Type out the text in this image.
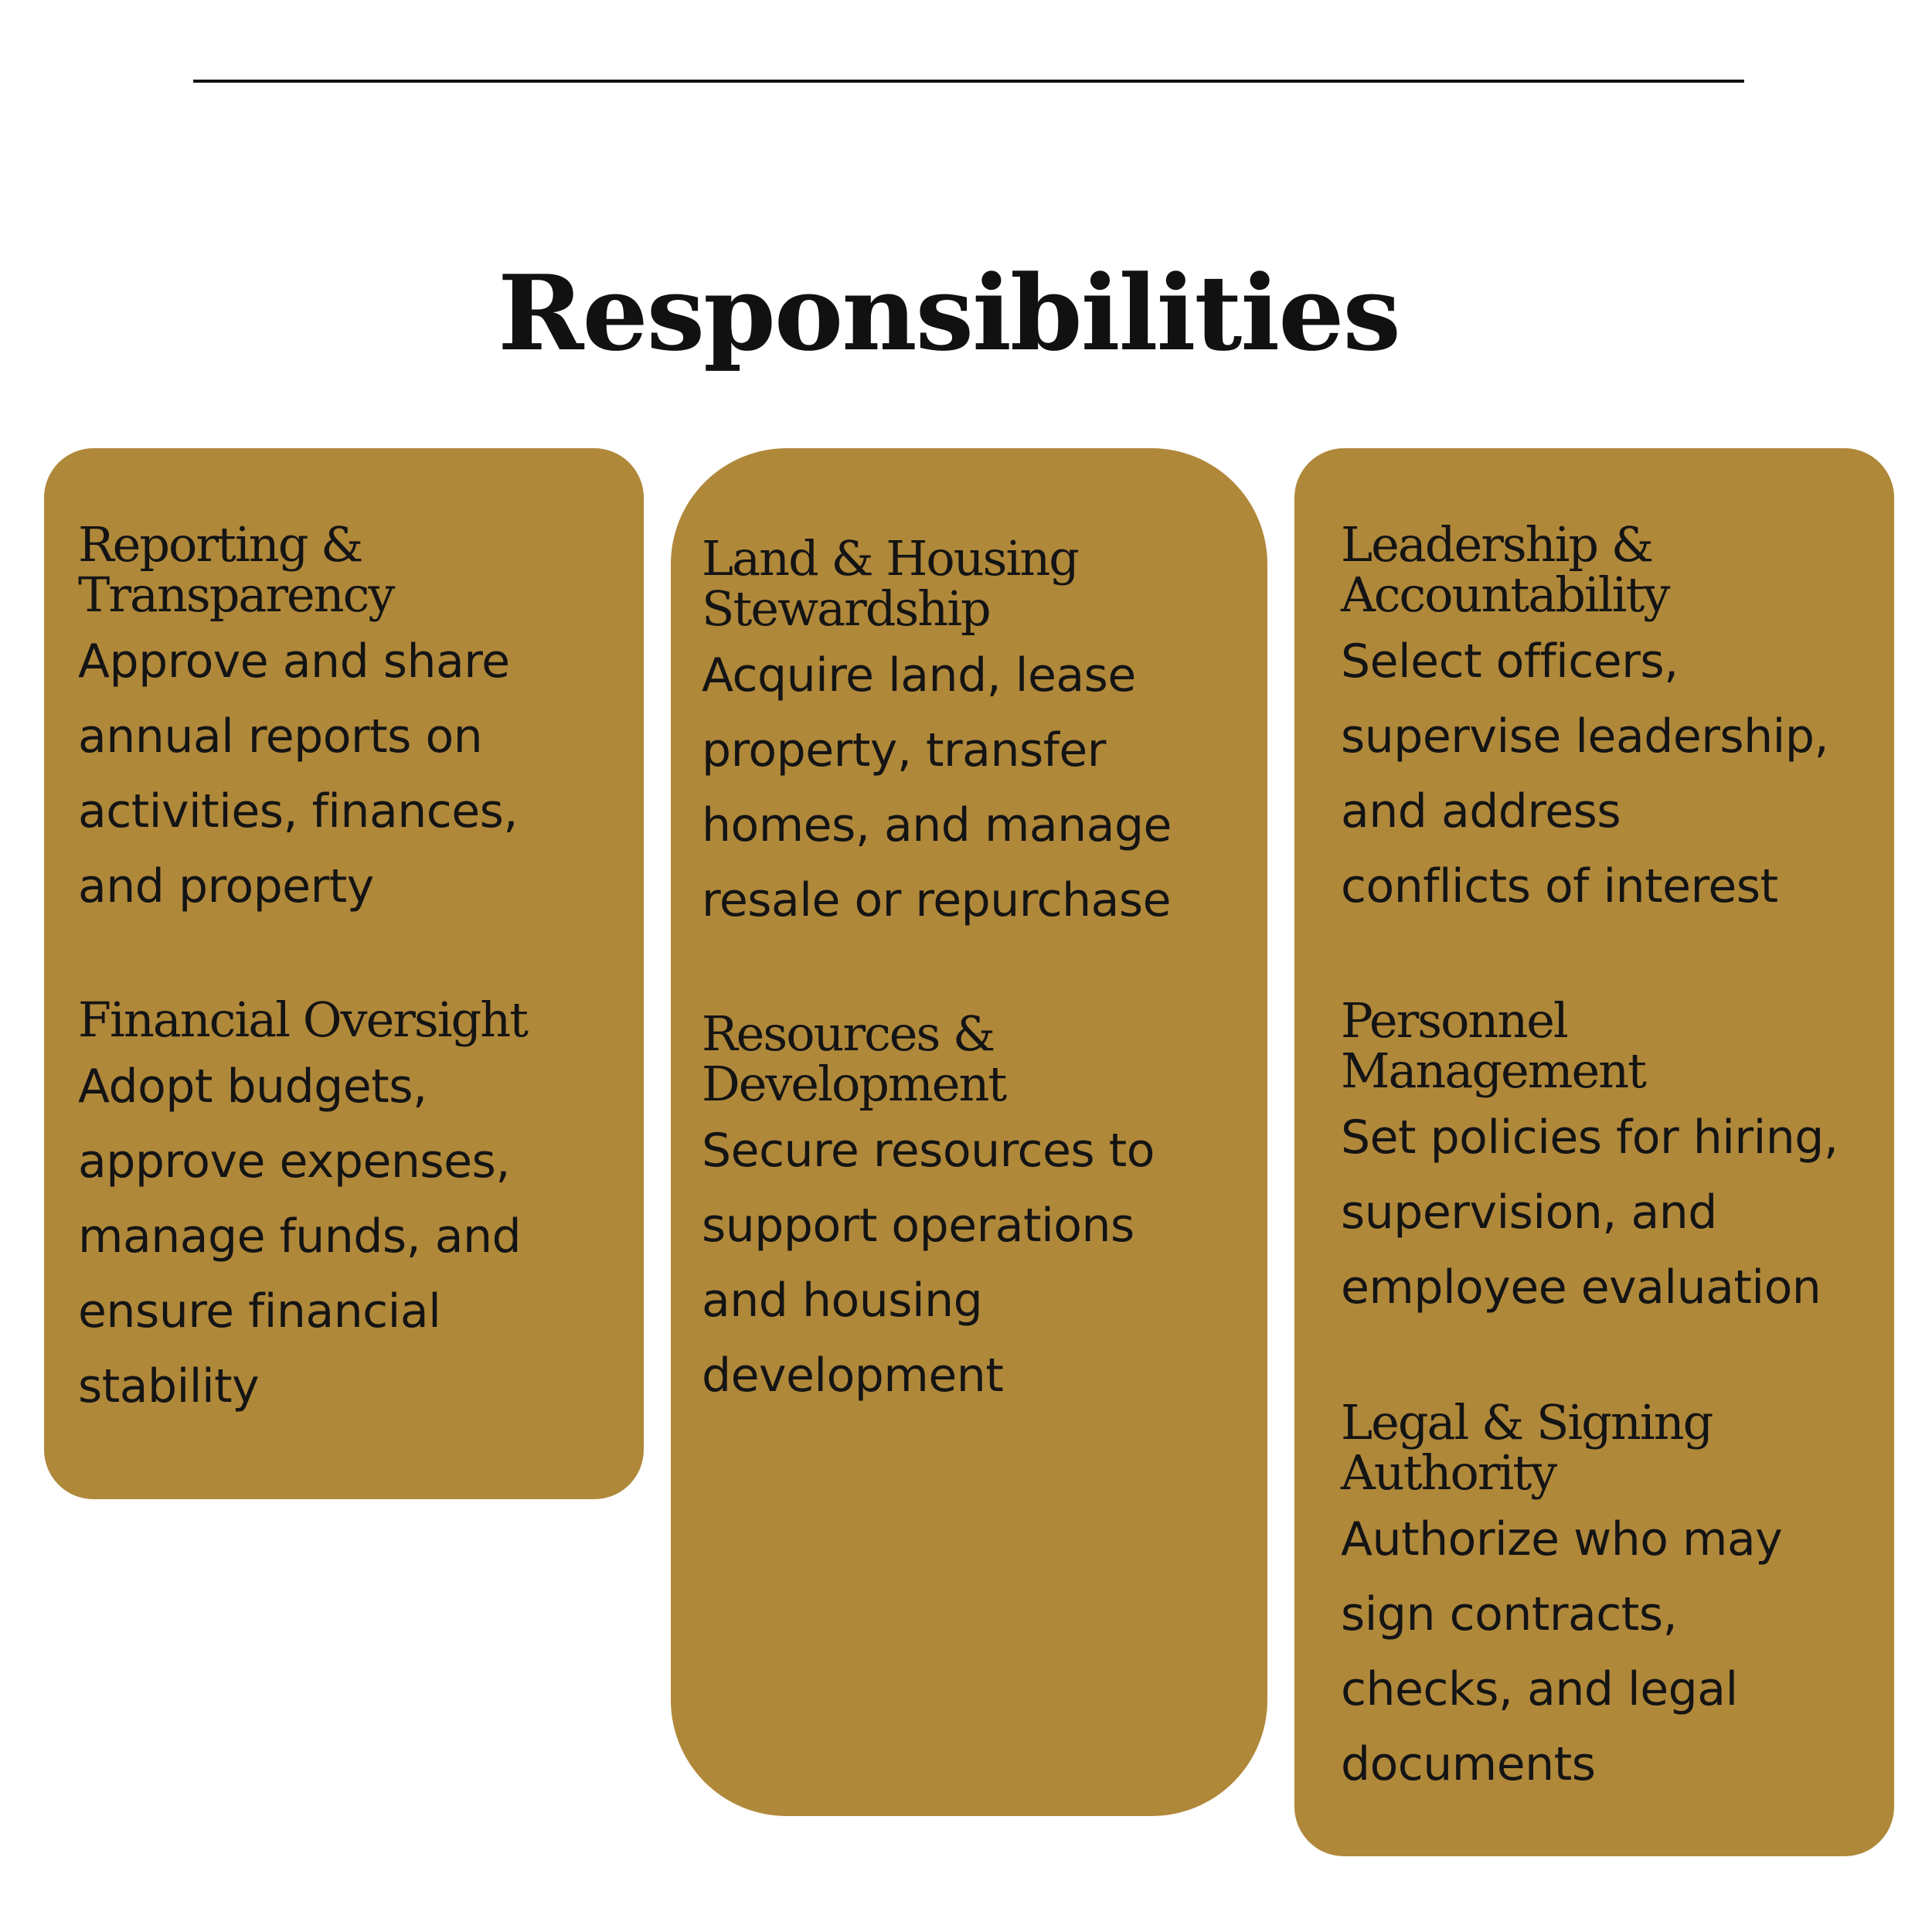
Responsibilities
Reporting &
Transparency

Approve and share
annual reports on
activities, finances,
and property

Financial Oversight

Adopt budgets,
approve expenses,
manage funds, and
ensure financial
stability

Land & Housing
Stewardship

Acquire land, lease
property, transfer
homes, and manage
resale or repurchase

Resources &
Development

Secure resources to
support operations
and housing
development

Leadership &
Accountability

Select officers,
supervise leadership,
and address
conflicts of interest

Personnel
Management

Set policies for hiring,
supervision, and
employee evaluation

Legal & Signing
Authority

Authorize who may
sign contracts,
checks, and legal
documents
